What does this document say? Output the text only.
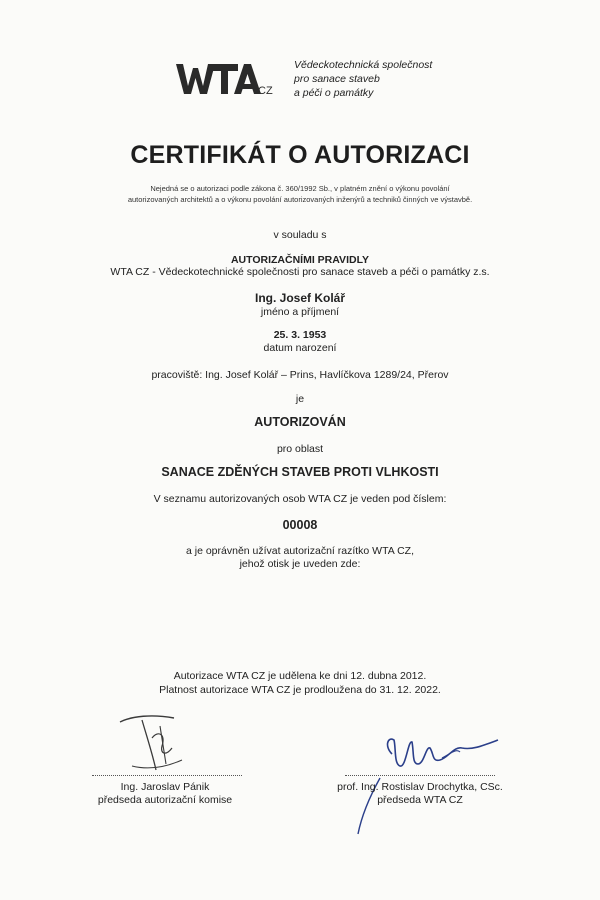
CZ
Vědeckotechnická společnost
pro sanace staveb
a péči o památky
CERTIFIKÁT O AUTORIZACI
Nejedná se o autorizaci podle zákona č. 360/1992 Sb., v platném znění o výkonu povolání
autorizovaných architektů a o výkonu povolání autorizovaných inženýrů a techniků činných ve výstavbě.
v souladu s
AUTORIZAČNÍMI PRAVIDLY
WTA CZ - Vědeckotechnické společnosti pro sanace staveb a péči o památky z.s.
Ing. Josef Kolář
jméno a příjmení
25. 3. 1953
datum narození
pracoviště: Ing. Josef Kolář – Prins, Havlíčkova 1289/24, Přerov
je
AUTORIZOVÁN
pro oblast
SANACE ZDĚNÝCH STAVEB PROTI VLHKOSTI
V seznamu autorizovaných osob WTA CZ je veden pod číslem:
00008
a je oprávněn užívat autorizační razítko WTA CZ,
jehož otisk je uveden zde:
Autorizace WTA CZ je udělena ke dni 12. dubna 2012.
Platnost autorizace WTA CZ je prodloužena do 31. 12. 2022.
Ing. Jaroslav Pánik
předseda autorizační komise
prof. Ing. Rostislav Drochytka, CSc.
předseda WTA CZ
